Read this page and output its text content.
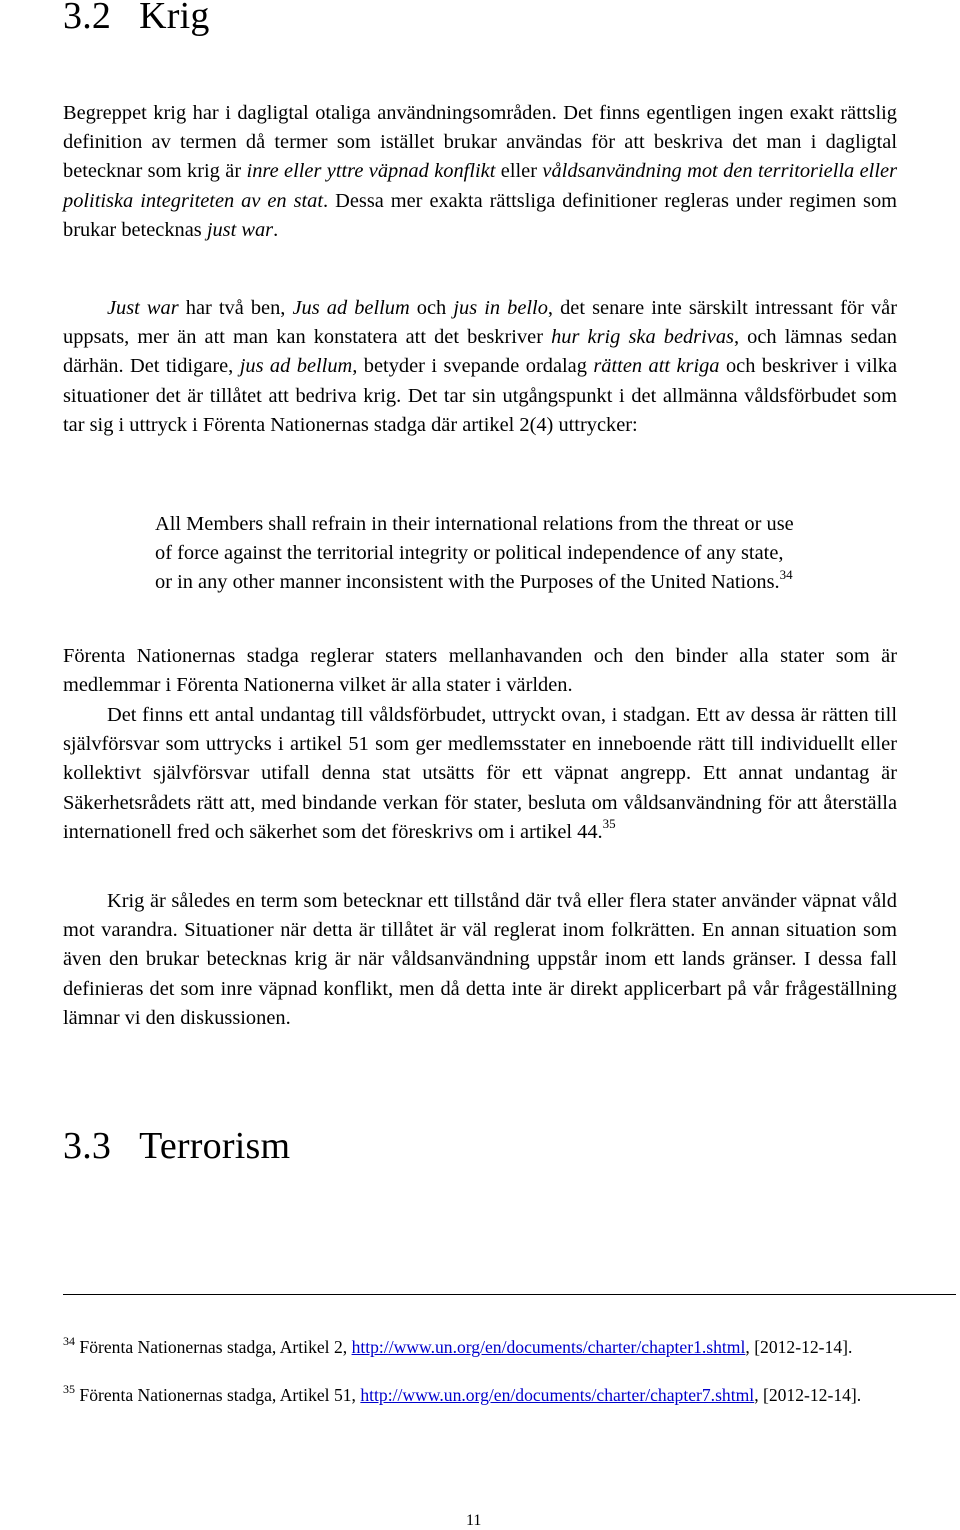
3.2 Krig

Begreppet krig har i dagligtal otaliga användningsområden. Det finns egentligen ingen exakt rättslig definition av termen då termer som istället brukar användas för att beskriva det man i dagligtal betecknar som krig är inre eller yttre väpnad konflikt eller våldsanvändning mot den territoriella eller politiska integriteten av en stat. Dessa mer exakta rättsliga definitioner regleras under regimen som brukar betecknas just war.

Just war har två ben, Jus ad bellum och jus in bello, det senare inte särskilt intressant för vår uppsats, mer än att man kan konstatera att det beskriver hur krig ska bedrivas, och lämnas sedan därhän. Det tidigare, jus ad bellum, betyder i svepande ordalag rätten att kriga och beskriver i vilka situationer det är tillåtet att bedriva krig. Det tar sin utgångspunkt i det allmänna våldsförbudet som tar sig i uttryck i Förenta Nationernas stadga där artikel 2(4) uttrycker:

All Members shall refrain in their international relations from the threat or use of force against the territorial integrity or political independence of any state, or in any other manner inconsistent with the Purposes of the United Nations.$^{34}$

Förenta Nationernas stadga reglerar staters mellanhavanden och den binder alla stater som är medlemmar i Förenta Nationerna vilket är alla stater i världen.

Det finns ett antal undantag till våldsförbudet, uttryckt ovan, i stadgan. Ett av dessa är rätten till självförsvar som uttrycks i artikel 51 som ger medlemsstater en inneboende rätt till individuellt eller kollektivt självförsvar utifall denna stat utsätts för ett väpnat angrepp. Ett annat undantag är Säkerhetsrådets rätt att, med bindande verkan för stater, besluta om våldsanvändning för att återställa internationell fred och säkerhet som det föreskrivs om i artikel 44.35

Krig är således en term som betecknar ett tillstånd där två eller flera stater använder väpnat våld mot varandra. Situationer när detta är tillåtet är väl reglerat inom folkrätten. En annan situation som även den brukar betecknas krig är när våldsanvändning uppstår inom ett lands gränser. I dessa fall definieras det som inre väpnad konflikt, men då detta inte är direkt applicerbart på vår frågeställning lämnar vi den diskussionen.

3.3 Terrorism

$^{34}$ Förenta Nationernas stadga, Artikel 2, http://www.un.org/en/documents/charter/chapter1.shtml, [2012-12-14].

$^{35}$ Förenta Nationernas stadga, Artikel 51, http://www.un.org/en/documents/charter/chapter7.shtml, [2012-12-14].

11
